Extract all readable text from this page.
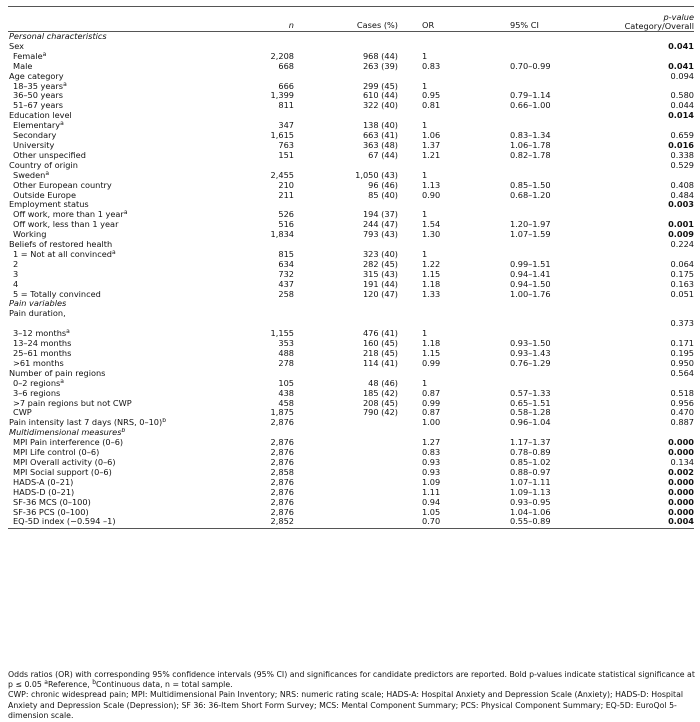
	n	Cases (%)	OR	95% CI	p-value
Category/Overall
Personal characteristics					
Sex					0.041
Female$^a$	2,208	968 (44)	1		
Male	668	263 (39)	0.83	0.70–0.99	0.041
Age category					0.094
18–35 years$^a$	666	299 (45)	1		
36–50 years	1,399	610 (44)	0.95	0.79–1.14	0.580
51–67 years	811	322 (40)	0.81	0.66–1.00	0.044
Education level					0.014
Elementary$^a$	347	138 (40)	1		
Secondary	1,615	663 (41)	1.06	0.83–1.34	0.659
University	763	363 (48)	1.37	1.06–1.78	0.016
Other unspecified	151	67 (44)	1.21	0.82–1.78	0.338
Country of origin					0.529
Sweden$^a$	2,455	1,050 (43)	1		
Other European country	210	96 (46)	1.13	0.85–1.50	0.408
Outside Europe	211	85 (40)	0.90	0.68–1.20	0.484
Employment status					0.003
Off work, more than 1 year$^a$	526	194 (37)	1		
Off work, less than 1 year	516	244 (47)	1.54	1.20–1.97	0.001
Working	1,834	793 (43)	1.30	1.07–1.59	0.009
Beliefs of restored health					0.224
1 = Not at all convinced$^a$	815	323 (40)	1		
2	634	282 (45)	1.22	0.99–1.51	0.064
3	732	315 (43)	1.15	0.94–1.41	0.175
4	437	191 (44)	1.18	0.94–1.50	0.163
5 = Totally convinced	258	120 (47)	1.33	1.00–1.76	0.051
Pain variables					
Pain duration,					
					0.373
3–12 months$^a$	1,155	476 (41)	1		
13–24 months	353	160 (45)	1.18	0.93–1.50	0.171
25–61 months	488	218 (45)	1.15	0.93–1.43	0.195
>61 months	278	114 (41)	0.99	0.76–1.29	0.950
Number of pain regions					0.564
0–2 regions$^a$	105	48 (46)	1		
3–6 regions	438	185 (42)	0.87	0.57–1.33	0.518
>7 pain regions but not CWP	458	208 (45)	0.99	0.65–1.51	0.956
CWP	1,875	790 (42)	0.87	0.58–1.28	0.470
Pain intensity last 7 days (NRS, 0–10)$^b$	2,876		1.00	0.96–1.04	0.887
Multidimensional measures$^b$					
MPI Pain interference (0–6)	2,876		1.27	1.17–1.37	0.000
MPI Life control (0–6)	2,876		0.83	0.78–0.89	0.000
MPI Overall activity (0–6)	2,876		0.93	0.85–1.02	0.134
MPI Social support (0–6)	2,858		0.93	0.88–0.97	0.002
HADS-A (0–21)	2,876		1.09	1.07–1.11	0.000
HADS-D (0–21)	2,876		1.11	1.09–1.13	0.000
SF-36 MCS (0–100)	2,876		0.94	0.93–0.95	0.000
SF-36 PCS (0–100)	2,876		1.05	1.04–1.06	0.000
EQ-5D index (−0.594 –1)	2,852		0.70	0.55–0.89	0.004

Odds ratios (OR) with corresponding 95% confidence intervals (95% CI) and significances for candidate predictors are reported. Bold p-values indicate statistical significance at p ≤ 0.05 $^a$Reference, $^b$Continuous data, n = total sample.

CWP: chronic widespread pain; MPI: Multidimensional Pain Inventory; NRS: numeric rating scale; HADS-A: Hospital Anxiety and Depression Scale (Anxiety); HADS-D: Hospital Anxiety and Depression Scale (Depression); SF 36: 36-Item Short Form Survey; MCS: Mental Component Summary; PCS: Physical Component Summary; EQ-5D: EuroQol 5-dimension scale.
